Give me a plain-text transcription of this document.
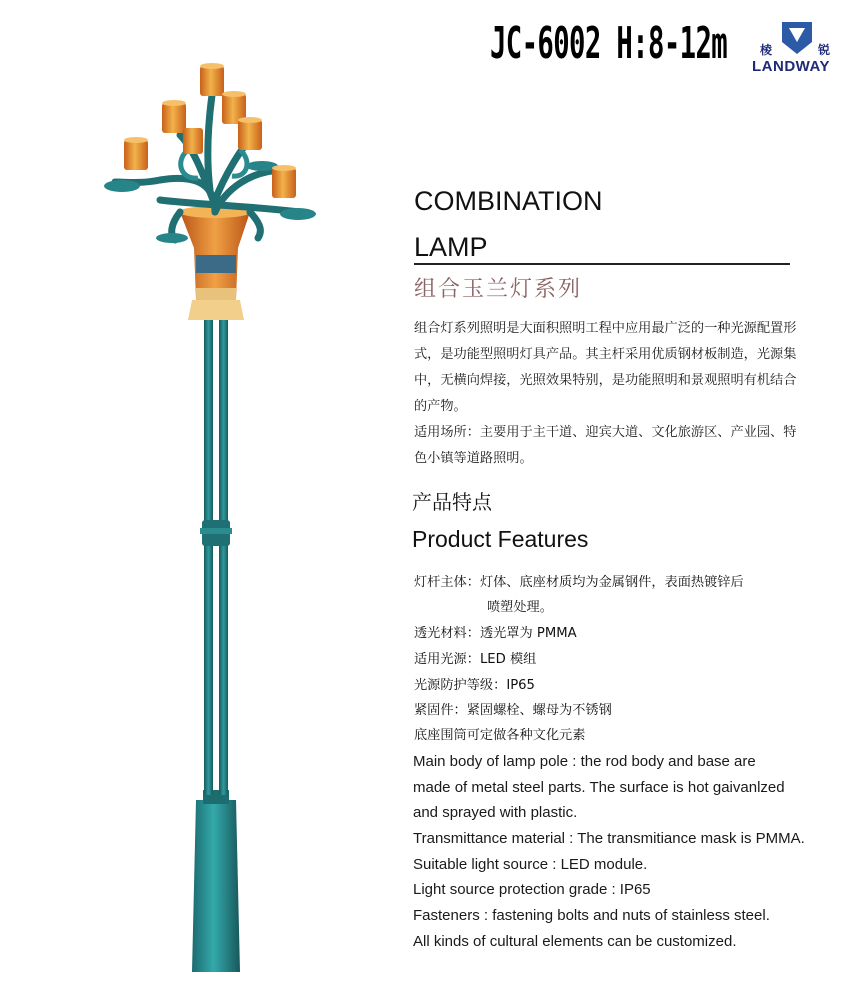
JC-6002 H:8-12m	棱	锐
LANDWAY
COMBINATION
LAMP
组合玉兰灯系列
组合灯系列照明是大面积照明工程中应用最广泛的一种光源配置形式，是功能型照明灯具产品。其主杆采用优质钢材板制造，光源集中，无横向焊接，光照效果特别，是功能照明和景观照明有机结合的产物。
适用场所：主要用于主干道、迎宾大道、文化旅游区、产业园、特色小镇等道路照明。
产品特点
Product Features
灯杆主体：灯体、底座材质均为金属钢件，表面热镀锌后
喷塑处理。
透光材料：透光罩为 PMMA
适用光源：LED 模组
光源防护等级：IP65
紧固件：紧固螺栓、螺母为不锈钢
底座围筒可定做各种文化元素
Main body of lamp pole : the rod body and base are
made of metal steel parts. The surface is hot gaivanlzed
and sprayed with plastic.
Transmittance material : The transmitiance mask is PMMA.
Suitable light source : LED module.
Light source protection grade : IP65
Fasteners : fastening bolts and nuts of stainless steel.
All kinds of cultural elements can be customized.
